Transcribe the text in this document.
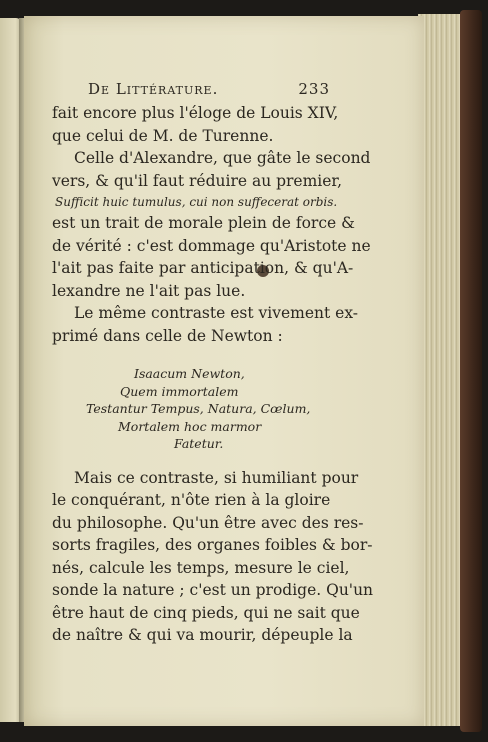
De Littérature.	233
fait encore plus l'éloge de Louis XIV,
que celui de M. de Turenne.
Celle d'Alexandre, que gâte le second
vers, & qu'il faut réduire au premier,
Sufficit huic tumulus, cui non suffecerat orbis.
est un trait de morale plein de force &
de vérité : c'est dommage qu'Aristote ne
l'ait pas faite par anticipation, & qu'A-
lexandre ne l'ait pas lue.
Le même contraste est vivement ex-
primé dans celle de Newton :
Isaacum Newton,
Quem immortalem
Testantur Tempus, Natura, Cœlum,
Mortalem hoc marmor
Fatetur.
Mais ce contraste, si humiliant pour
le conquérant, n'ôte rien à la gloire
du philosophe. Qu'un être avec des res-
sorts fragiles, des organes foibles & bor-
nés, calcule les temps, mesure le ciel,
sonde la nature ; c'est un prodige. Qu'un
être haut de cinq pieds, qui ne sait que
de naître & qui va mourir, dépeuple la
